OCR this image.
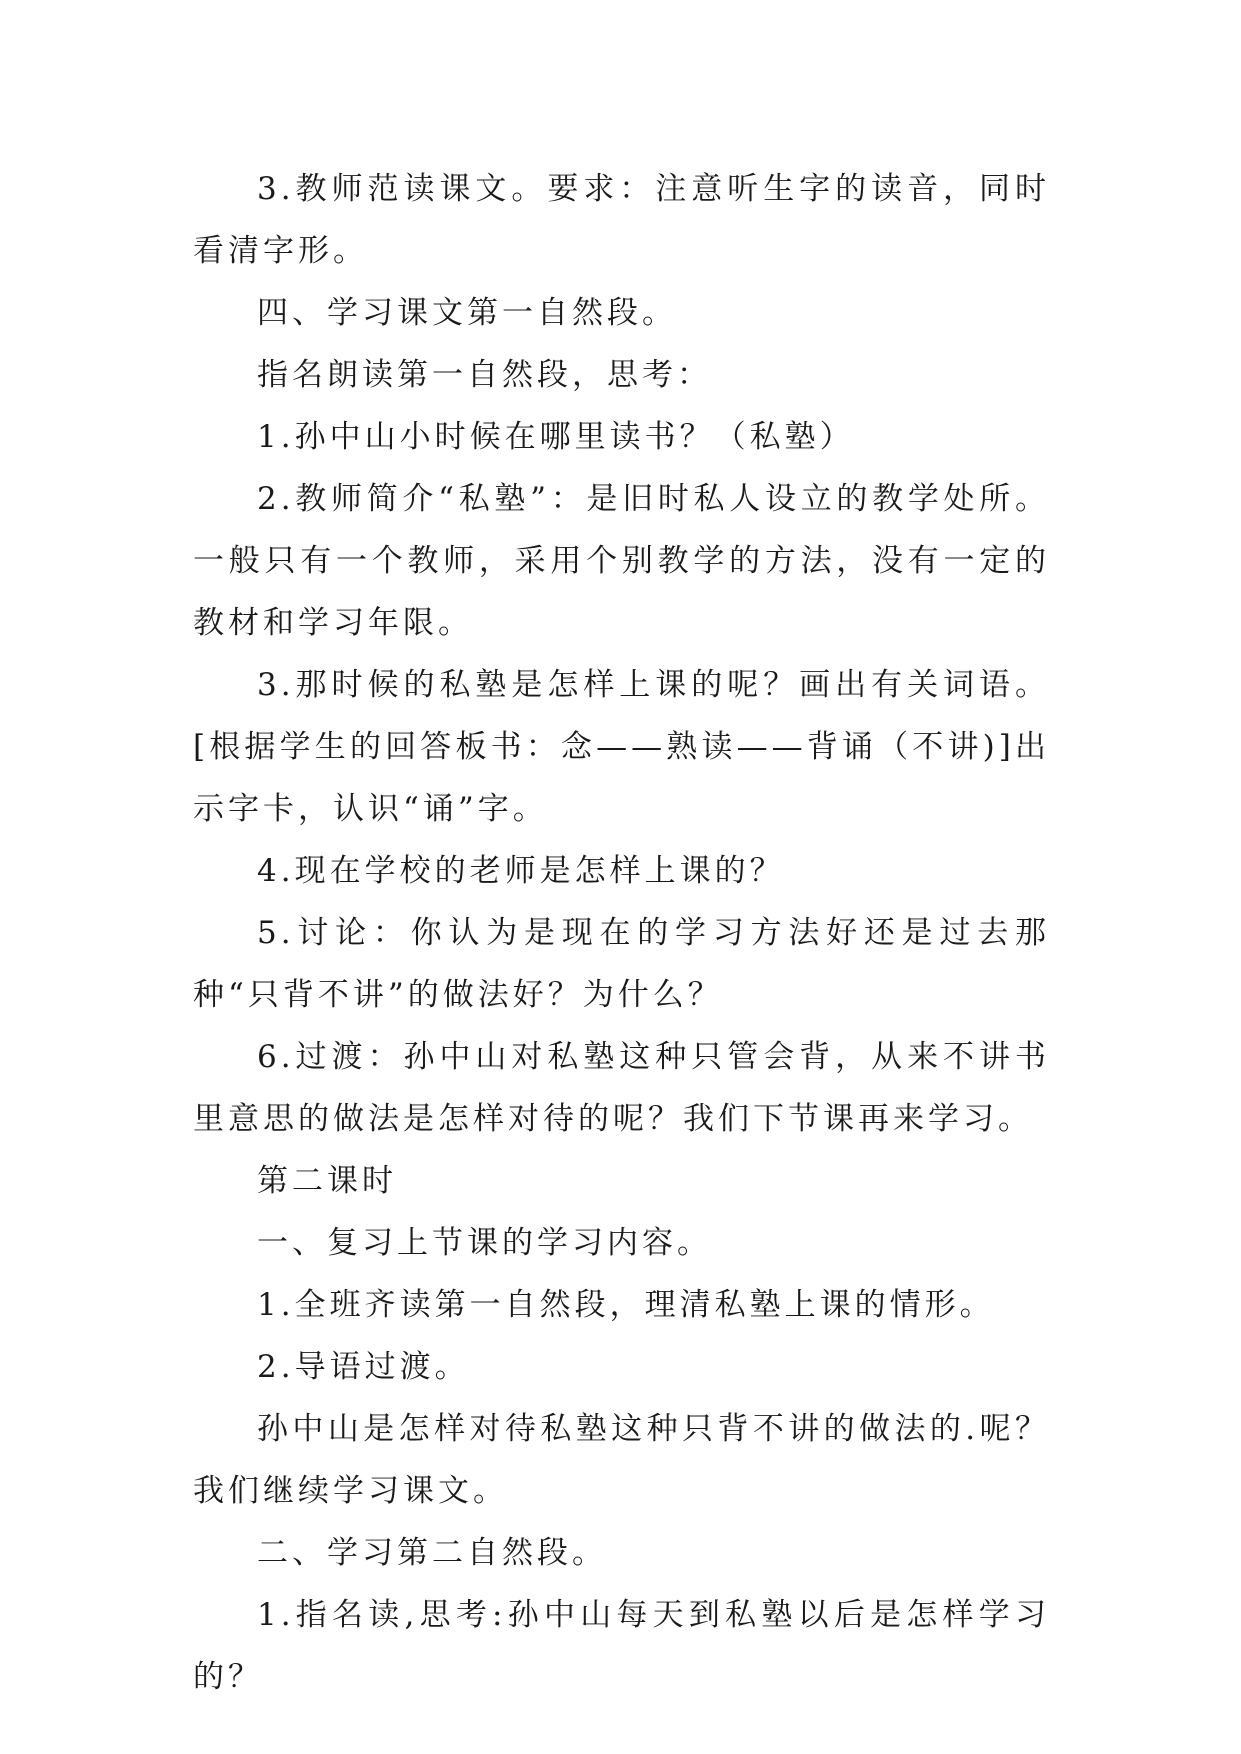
3.教师范读课文。要求：注意听生字的读音，同时看清字形。

四、学习课文第一自然段。

指名朗读第一自然段，思考：

1.孙中山小时候在哪里读书？（私塾）

2.教师简介“私塾”：是旧时私人设立的教学处所。一般只有一个教师，采用个别教学的方法，没有一定的教材和学习年限。

3.那时候的私塾是怎样上课的呢？画出有关词语。[根据学生的回答板书：念——熟读——背诵（不讲)]出示字卡，认识“诵”字。

4.现在学校的老师是怎样上课的？

5.讨论：你认为是现在的学习方法好还是过去那种“只背不讲”的做法好？为什么？

6.过渡：孙中山对私塾这种只管会背，从来不讲书里意思的做法是怎样对待的呢？我们下节课再来学习。

第二课时

一、复习上节课的学习内容。

1.全班齐读第一自然段，理清私塾上课的情形。

2.导语过渡。

孙中山是怎样对待私塾这种只背不讲的做法的.呢？我们继续学习课文。

二、学习第二自然段。

1.指名读,思考:孙中山每天到私塾以后是怎样学习的？
